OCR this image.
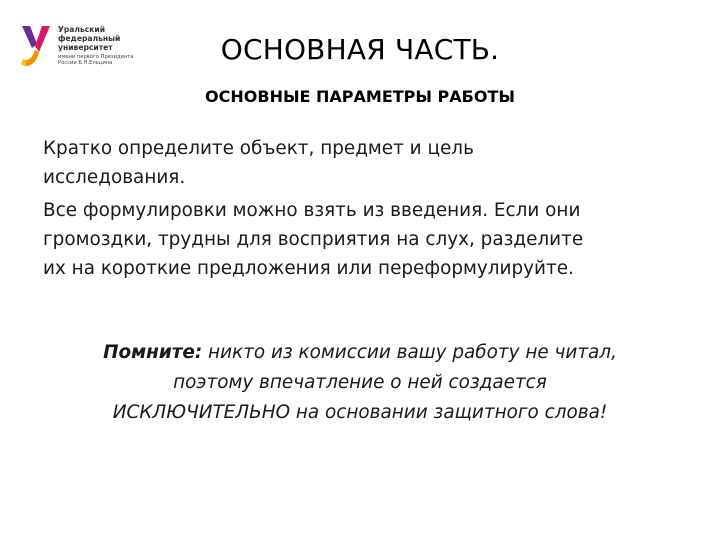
Уральский
федеральный
университет
имени первого Президента
России Б.Н.Ельцина	ОСНОВНАЯ ЧАСТЬ.
ОСНОВНЫЕ ПАРАМЕТРЫ РАБОТЫ
Кратко определите объект, предмет и цель
исследования.
Все формулировки можно взять из введения. Если они
громоздки, трудны для восприятия на слух, разделите
их на короткие предложения или переформулируйте.
Помните: никто из комиссии вашу работу не читал,
поэтому впечатление о ней создается
ИСКЛЮЧИТЕЛЬНО на основании защитного слова!
